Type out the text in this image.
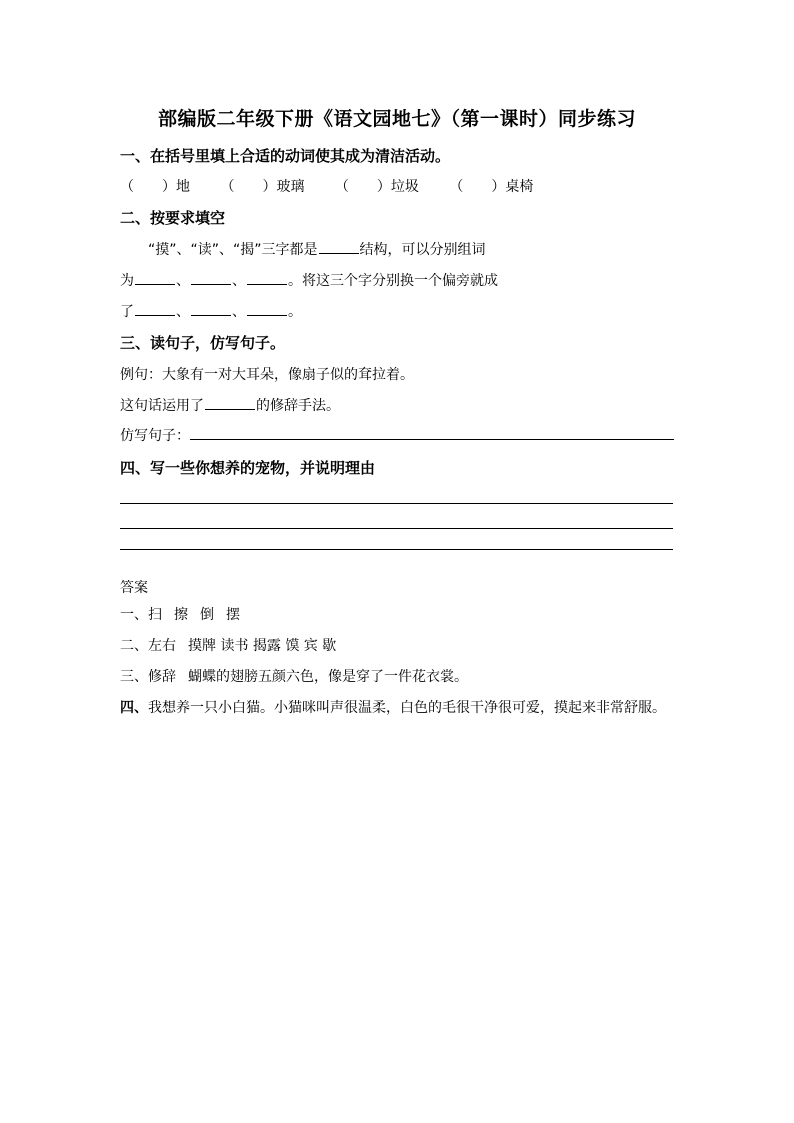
部编版二年级下册《语文园地七》（第一课时）同步练习
一、在括号里填上合适的动词使其成为清洁活动。
（　　）地 （　　）玻璃 （　　）垃圾 （　　）桌椅
二、按要求填空
“摸”、“读”、“揭”三字都是	结构，可以分别组词
为	、	、	。将这三个字分别换一个偏旁就成
了	、	、	。
三、读句子，仿写句子。
例句：大象有一对大耳朵，像扇子似的耷拉着。
这句话运用了	的修辞手法。
仿写句子：
四、写一些你想养的宠物，并说明理由
答案
一、扫 擦 倒 摆
二、左右 摸牌 读书 揭露 馍 宾 歇
三、修辞 蝴蝶的翅膀五颜六色，像是穿了一件花衣裳。
四、我想养一只小白猫。小猫咪叫声很温柔，白色的毛很干净很可爱，摸起来非常舒服。
